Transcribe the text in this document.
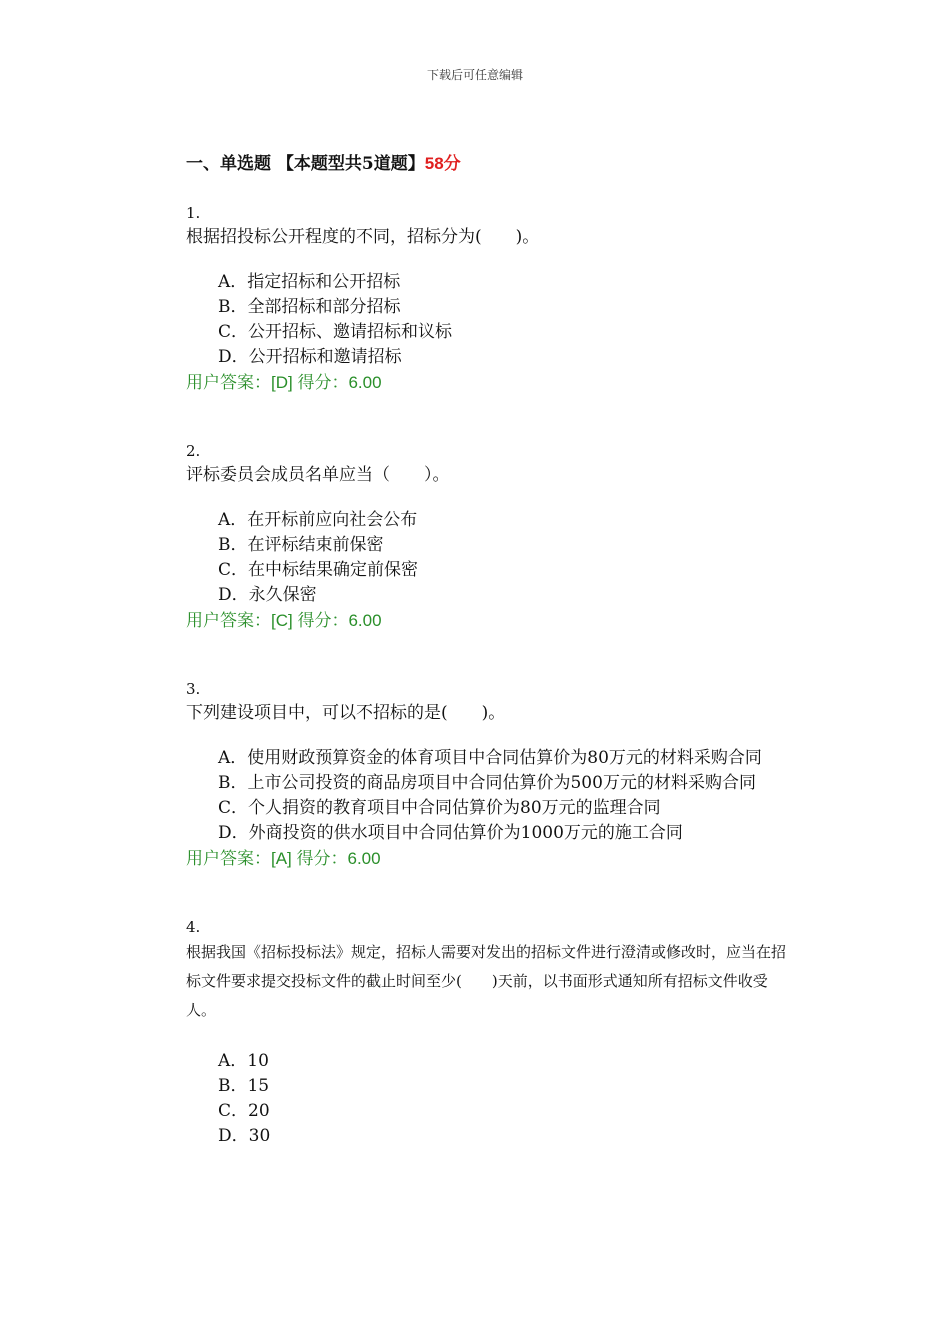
下载后可任意编辑
一、单选题 【本题型共5道题】58分
1.
根据招投标公开程度的不同，招标分为(　　)。
A．指定招标和公开招标
B．全部招标和部分招标
C．公开招标、邀请招标和议标
D．公开招标和邀请招标
用户答案：[D] 得分：6.00
2.
评标委员会成员名单应当（　　）。
A．在开标前应向社会公布
B．在评标结束前保密
C．在中标结果确定前保密
D．永久保密
用户答案：[C] 得分：6.00
3.
下列建设项目中，可以不招标的是(　　)。
A．使用财政预算资金的体育项目中合同估算价为80万元的材料采购合同
B．上市公司投资的商品房项目中合同估算价为500万元的材料采购合同
C．个人捐资的教育项目中合同估算价为80万元的监理合同
D．外商投资的供水项目中合同估算价为1000万元的施工合同
用户答案：[A] 得分：6.00
4.
根据我国《招标投标法》规定，招标人需要对发出的招标文件进行澄清或修改时，应当在招标文件要求提交投标文件的截止时间至少(　　)天前，以书面形式通知所有招标文件收受人。
A．10
B．15
C．20
D．30
